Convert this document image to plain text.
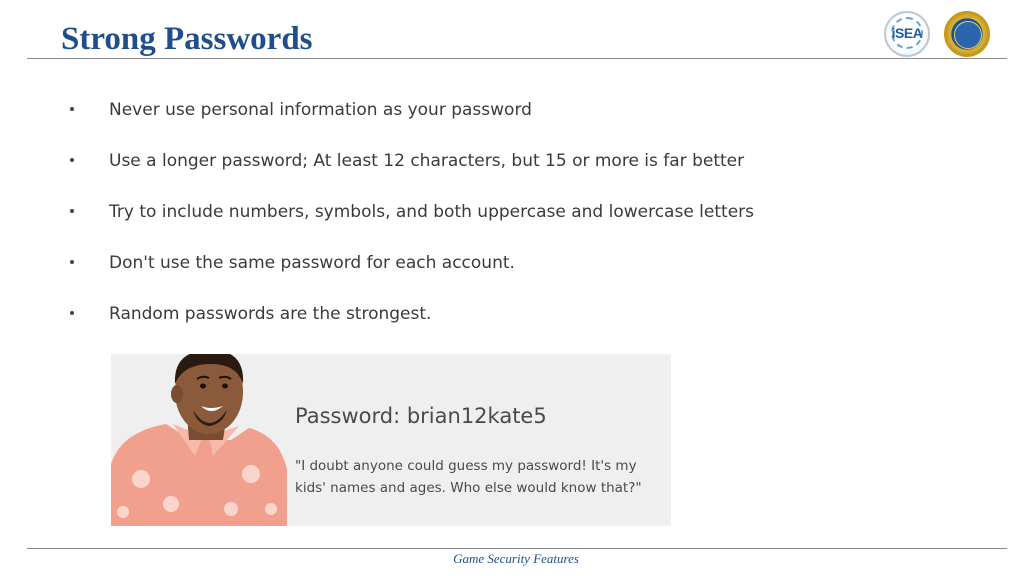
Strong Passwords	iSEA
Never use personal information as your password
Use a longer password; At least 12 characters, but 15 or more is far better
Try to include numbers, symbols, and both uppercase and lowercase letters
Don't use the same password for each account.
Random passwords are the strongest.
Password: brian12kate5
"I doubt anyone could guess my password! It's my kids' names and ages. Who else would know that?"
Game Security Features
